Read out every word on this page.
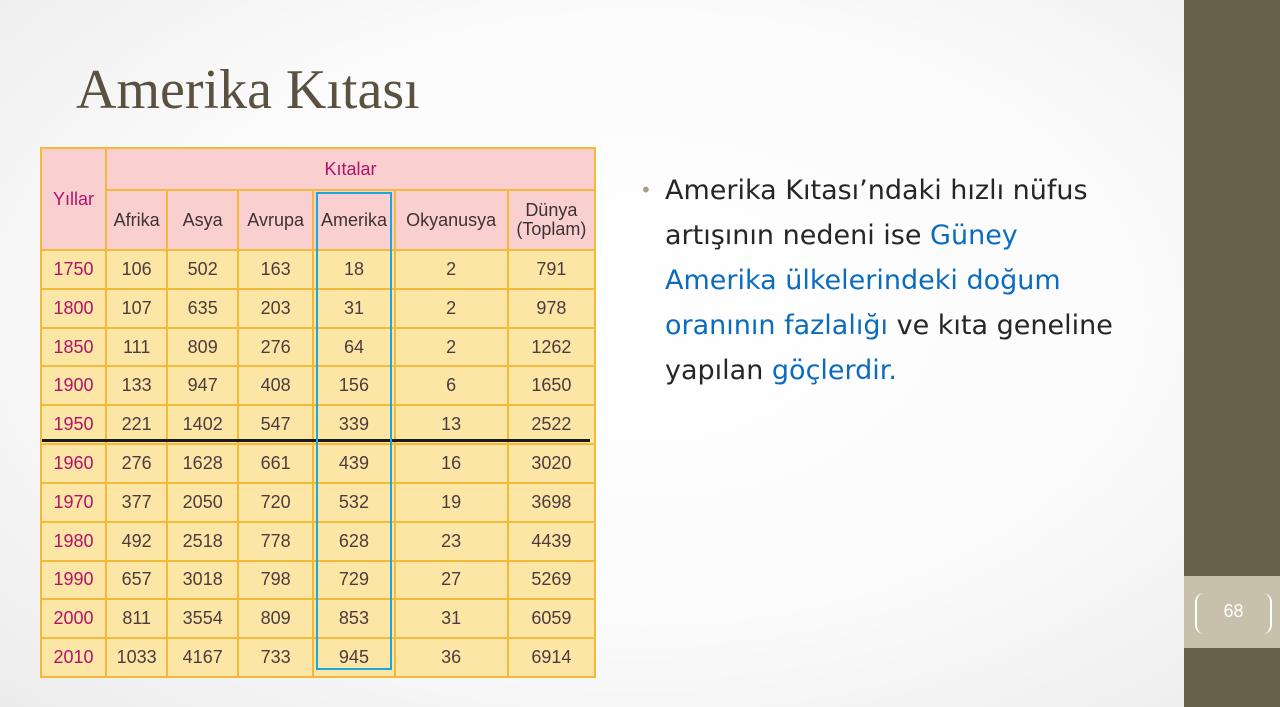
68
Amerika Kıtası
Yıllar	Kıtalar					
	Afrika	Asya	Avrupa	Amerika	Okyanusya	Dünya
(Toplam)
1750	106	502	163	18	2	791
1800	107	635	203	31	2	978
1850	111	809	276	64	2	1262
1900	133	947	408	156	6	1650
1950	221	1402	547	339	13	2522
1960	276	1628	661	439	16	3020
1970	377	2050	720	532	19	3698
1980	492	2518	778	628	23	4439
1990	657	3018	798	729	27	5269
2000	811	3554	809	853	31	6059
2010	1033	4167	733	945	36	6914
• Amerika Kıtası’ndaki hızlı nüfus artışının nedeni ise Güney Amerika ülkelerindeki doğum oranının fazlalığı ve kıta geneline yapılan göçlerdir.
